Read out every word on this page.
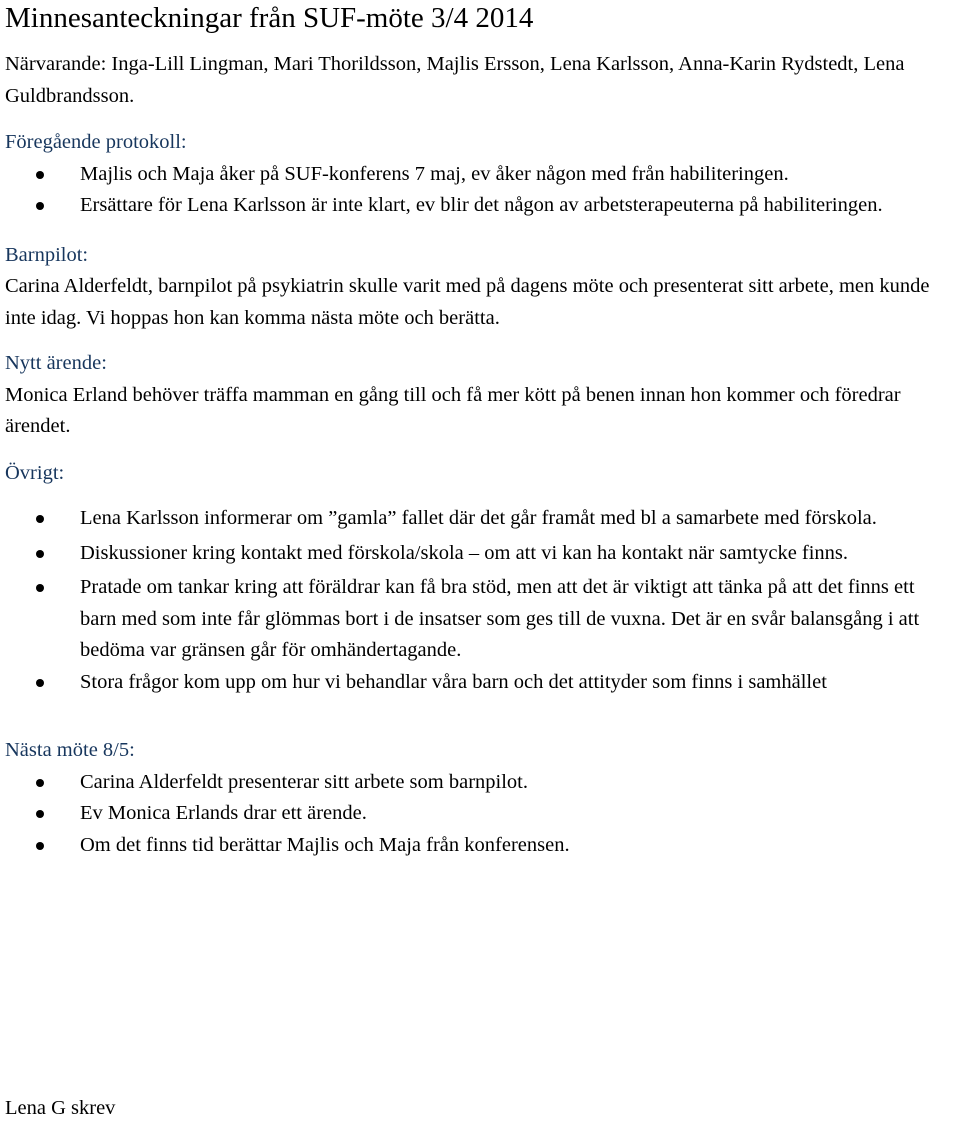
Minnesanteckningar från SUF-möte 3/4 2014

Närvarande: Inga-Lill Lingman, Mari Thorildsson, Majlis Ersson, Lena Karlsson, Anna-Karin Rydstedt, Lena Guldbrandsson.

Föregående protokoll:

Majlis och Maja åker på SUF-konferens 7 maj, ev åker någon med från habiliteringen.
Ersättare för Lena Karlsson är inte klart, ev blir det någon av arbetsterapeuterna på habiliteringen.

Barnpilot:

Carina Alderfeldt, barnpilot på psykiatrin skulle varit med på dagens möte och presenterat sitt arbete, men kunde inte idag. Vi hoppas hon kan komma nästa möte och berätta.

Nytt ärende:

Monica Erland behöver träffa mamman en gång till och få mer kött på benen innan hon kommer och föredrar ärendet.

Övrigt:

Lena Karlsson informerar om ”gamla” fallet där det går framåt med bl a samarbete med förskola.
Diskussioner kring kontakt med förskola/skola – om att vi kan ha kontakt när samtycke finns.
Pratade om tankar kring att föräldrar kan få bra stöd, men att det är viktigt att tänka på att det finns ett barn med som inte får glömmas bort i de insatser som ges till de vuxna. Det är en svår balansgång i att bedöma var gränsen går för omhändertagande.
Stora frågor kom upp om hur vi behandlar våra barn och det attityder som finns i samhället

Nästa möte 8/5:

Carina Alderfeldt presenterar sitt arbete som barnpilot.
Ev Monica Erlands drar ett ärende.
Om det finns tid berättar Majlis och Maja från konferensen.

Lena G skrev
